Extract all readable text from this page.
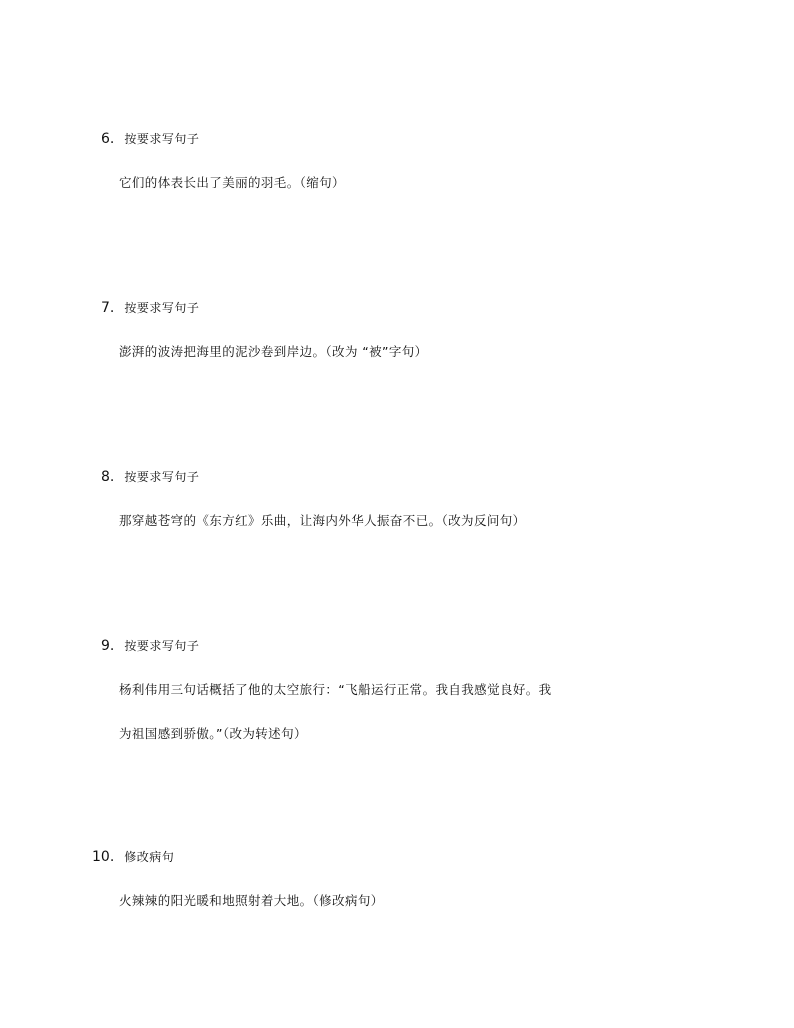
6. 按要求写句子
它们的体表长出了美丽的羽毛。（缩句）
7. 按要求写句子
澎湃的波涛把海里的泥沙卷到岸边。（改为 “被”字句）
8. 按要求写句子
那穿越苍穹的《东方红》乐曲，让海内外华人振奋不已。（改为反问句）
9. 按要求写句子
杨利伟用三句话概括了他的太空旅行：“飞船运行正常。我自我感觉良好。我
为祖国感到骄傲。”（改为转述句）
10. 修改病句
火辣辣的阳光暖和地照射着大地。（修改病句）
